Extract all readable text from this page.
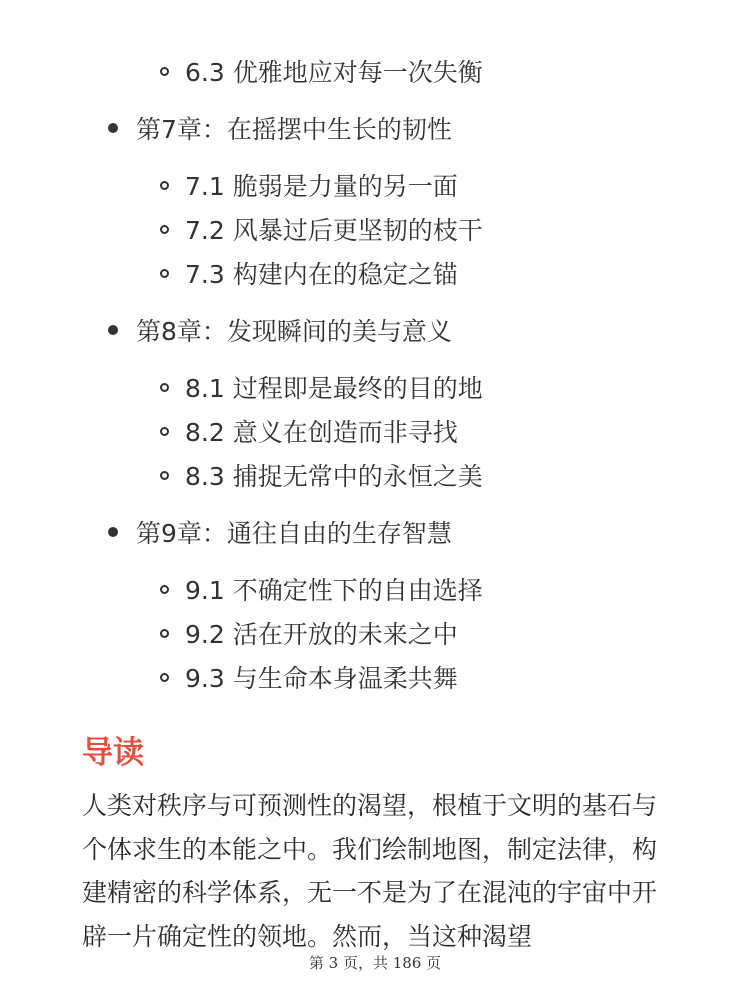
6.3 优雅地应对每一次失衡
第7章：在摇摆中生长的韧性
7.1 脆弱是力量的另一面
7.2 风暴过后更坚韧的枝干
7.3 构建内在的稳定之锚
第8章：发现瞬间的美与意义
8.1 过程即是最终的目的地
8.2 意义在创造而非寻找
8.3 捕捉无常中的永恒之美
第9章：通往自由的生存智慧
9.1 不确定性下的自由选择
9.2 活在开放的未来之中
9.3 与生命本身温柔共舞
导读

人类对秩序与可预测性的渴望，根植于文明的基石与个体求生的本能之中。我们绘制地图，制定法律，构建精密的科学体系，无一不是为了在混沌的宇宙中开辟一片确定性的领地。然而，当这种渴望

第 3 页，共 186 页
